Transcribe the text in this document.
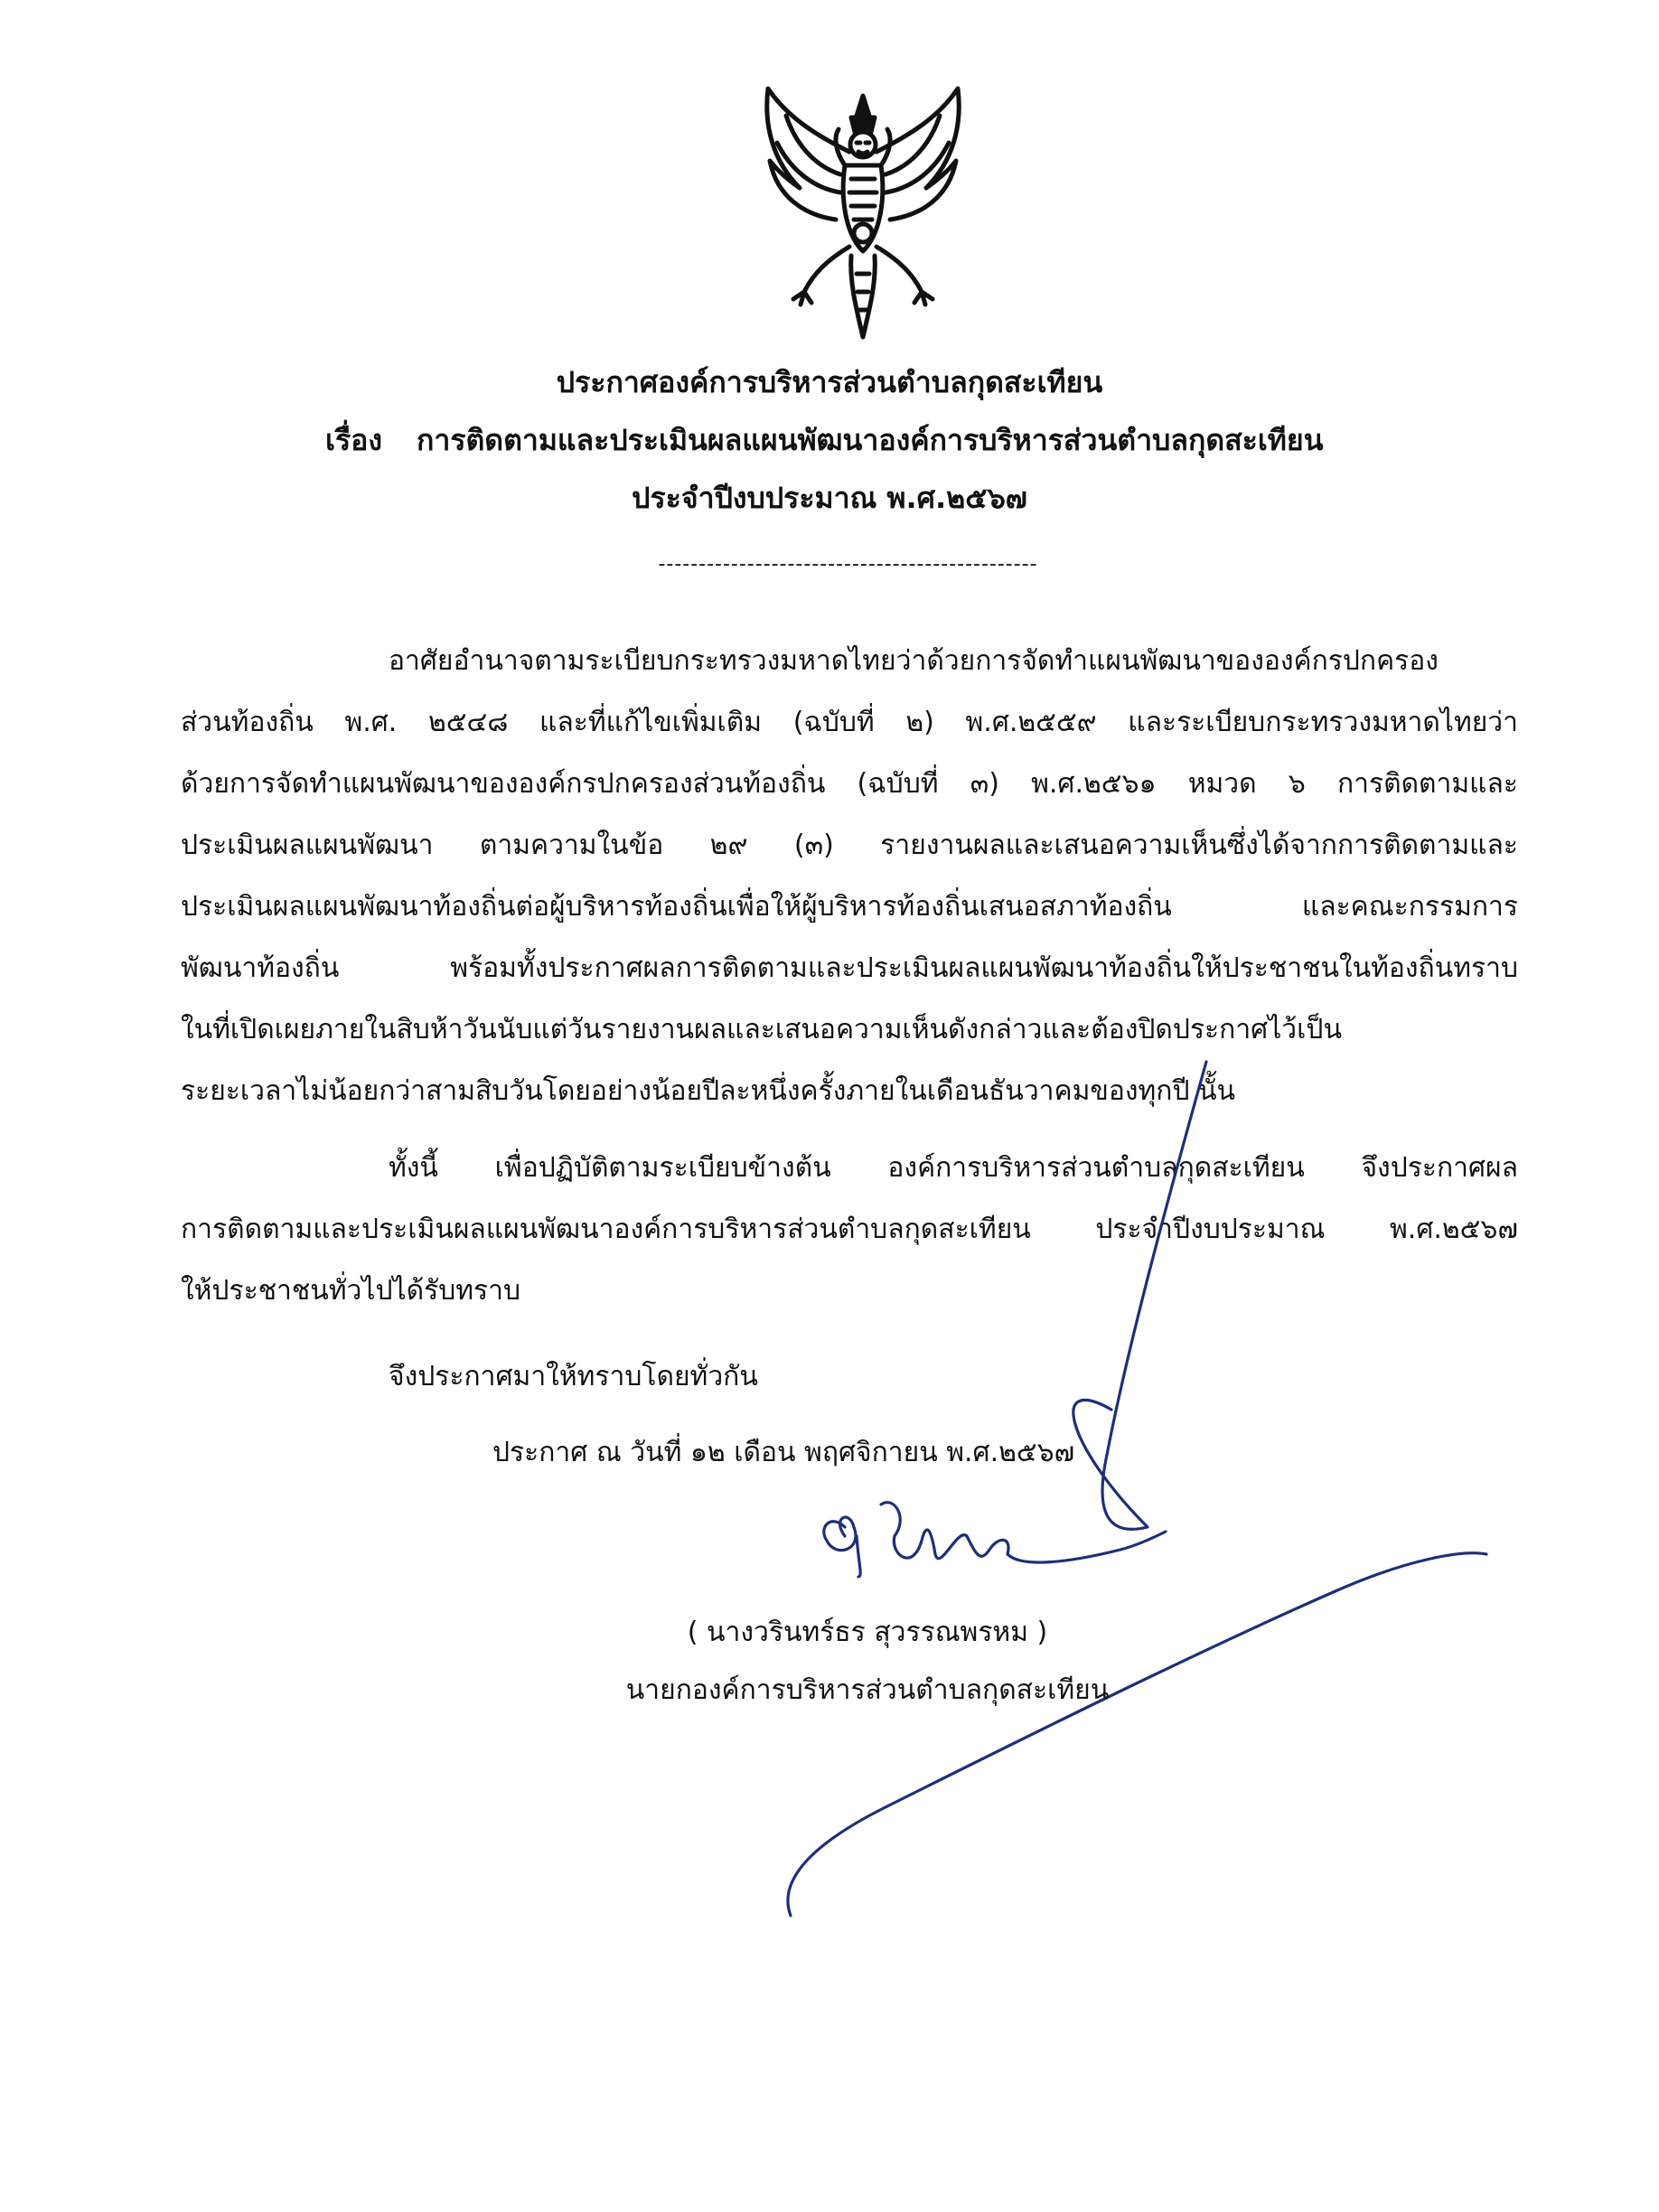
ประกาศองค์การบริหารส่วนตำบลกุดสะเทียน
เรื่อง การติดตามและประเมินผลแผนพัฒนาองค์การบริหารส่วนตำบลกุดสะเทียน
ประจำปีงบประมาณ พ.ศ.๒๕๖๗
-----------------------------------------------
อาศัยอำนาจตามระเบียบกระทรวงมหาดไทยว่าด้วยการจัดทำแผนพัฒนาขององค์กรปกครอง
ส่วนท้องถิ่น พ.ศ. ๒๕๔๘ และที่แก้ไขเพิ่มเติม (ฉบับที่ ๒) พ.ศ.๒๕๕๙ และระเบียบกระทรวงมหาดไทยว่า
ด้วยการจัดทำแผนพัฒนาขององค์กรปกครองส่วนท้องถิ่น (ฉบับที่ ๓) พ.ศ.๒๕๖๑ หมวด ๖ การติดตามและ
ประเมินผลแผนพัฒนา ตามความในข้อ ๒๙ (๓) รายงานผลและเสนอความเห็นซึ่งได้จากการติดตามและ
ประเมินผลแผนพัฒนาท้องถิ่นต่อผู้บริหารท้องถิ่นเพื่อให้ผู้บริหารท้องถิ่นเสนอสภาท้องถิ่น และคณะกรรมการ
พัฒนาท้องถิ่น พร้อมทั้งประกาศผลการติดตามและประเมินผลแผนพัฒนาท้องถิ่นให้ประชาชนในท้องถิ่นทราบ
ในที่เปิดเผยภายในสิบห้าวันนับแต่วันรายงานผลและเสนอความเห็นดังกล่าวและต้องปิดประกาศไว้เป็น
ระยะเวลาไม่น้อยกว่าสามสิบวันโดยอย่างน้อยปีละหนึ่งครั้งภายในเดือนธันวาคมของทุกปี นั้น
ทั้งนี้ เพื่อปฏิบัติตามระเบียบข้างต้น องค์การบริหารส่วนตำบลกุดสะเทียน จึงประกาศผล
การติดตามและประเมินผลแผนพัฒนาองค์การบริหารส่วนตำบลกุดสะเทียน ประจำปีงบประมาณ พ.ศ.๒๕๖๗
ให้ประชาชนทั่วไปได้รับทราบ
จึงประกาศมาให้ทราบโดยทั่วกัน
ประกาศ ณ วันที่ ๑๒ เดือน พฤศจิกายน พ.ศ.๒๕๖๗
( นางวรินทร์ธร สุวรรณพรหม )
นายกองค์การบริหารส่วนตำบลกุดสะเทียน
